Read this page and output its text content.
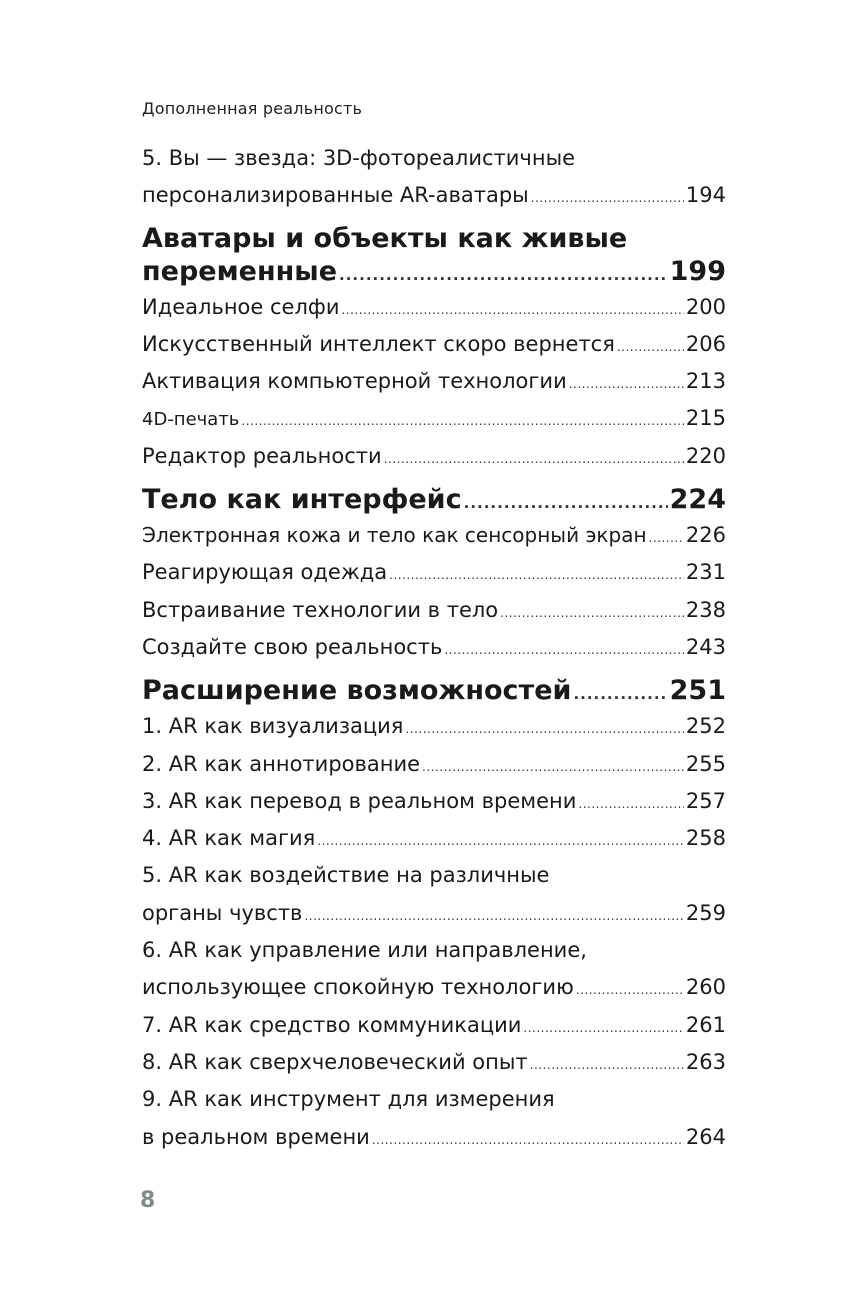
Дополненная реальность
5. Вы — звезда: 3D-фотореалистичные
персонализированные AR-аватары .....	194
Аватары и объекты как живые
переменные .....	199
Идеальное селфи .....	200
Искусственный интеллект скоро вернется .....	206
Активация компьютерной технологии .....	213
4D-печать .....	215
Редактор реальности .....	220
Тело как интерфейс .....	224
Электронная кожа и тело как сенсорный экран ..... 226
Реагирующая одежда .....	231
Встраивание технологии в тело .....	238
Создайте свою реальность .....	243
Расширение возможностей .....	251
1. AR как визуализация .....	252
2. AR как аннотирование .....	255
3. AR как перевод в реальном времени .....	257
4. AR как магия .....	258
5. AR как воздействие на различные
органы чувств .....	259
6. AR как управление или направление,
использующее спокойную технологию .....	260
7. AR как средство коммуникации .....	261
8. AR как сверхчеловеческий опыт .....	263
9. AR как инструмент для измерения
в реальном времени .....	264
8
